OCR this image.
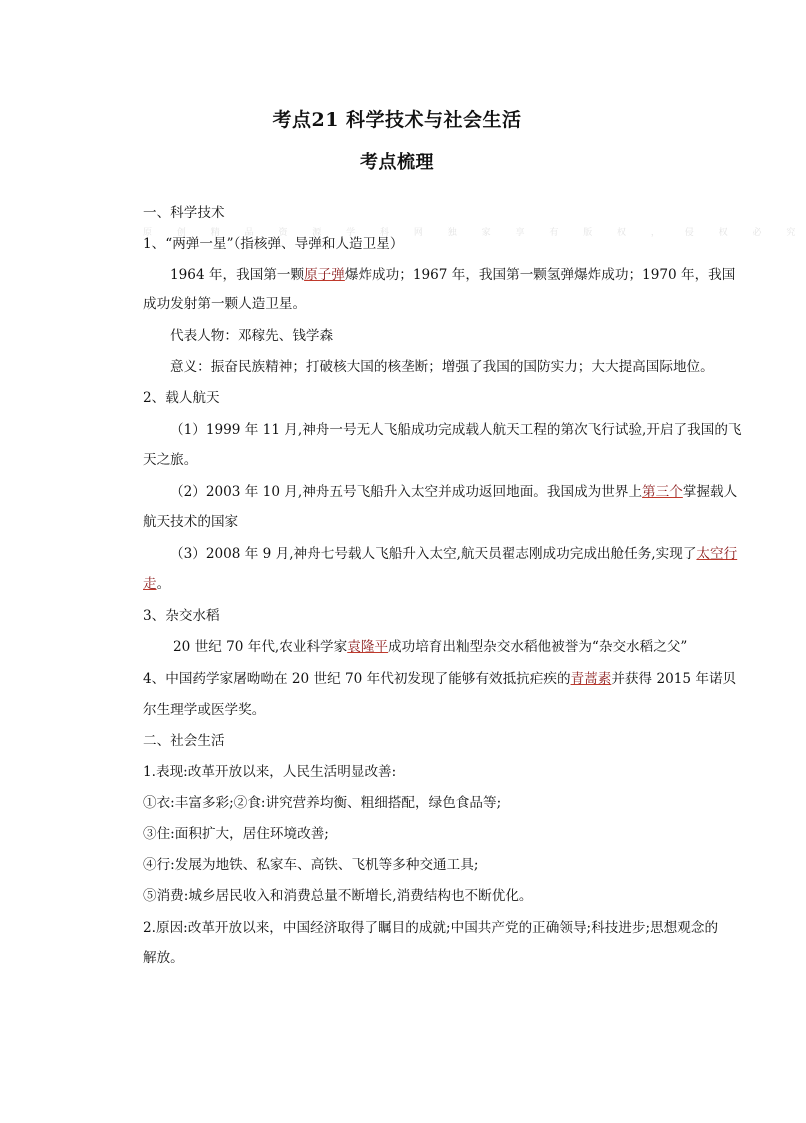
考点21 科学技术与社会生活
考点梳理
原 创 精 品 资 源 学 科 网 独 家 享 有 版 权 ， 侵 权 必 究
一、科学技术
1、“两弹一星”（指核弹、导弹和人造卫星）
1964 年，我国第一颗原子弹爆炸成功；1967 年，我国第一颗氢弹爆炸成功；1970 年，我国
成功发射第一颗人造卫星。
代表人物：邓稼先、钱学森
意义：振奋民族精神；打破核大国的核垄断；增强了我国的国防实力；大大提高国际地位。
2、载人航天
（1）1999 年 11 月,神舟一号无人飞船成功完成载人航天工程的第次飞行试验,开启了我国的飞
天之旅。
（2）2003 年 10 月,神舟五号飞船升入太空并成功返回地面。我国成为世界上第三个掌握载人
航天技术的国家
（3）2008 年 9 月,神舟七号载人飞船升入太空,航天员翟志刚成功完成出舱任务,实现了太空行
走。
3、杂交水稻
20 世纪 70 年代,农业科学家袁隆平成功培育出籼型杂交水稻他被誉为“杂交水稻之父”
4、中国药学家屠呦呦在 20 世纪 70 年代初发现了能够有效抵抗疟疾的青蒿素并获得 2015 年诺贝
尔生理学或医学奖。
二、社会生活
1.表现:改革开放以来，人民生活明显改善:
①衣:丰富多彩;②食:讲究营养均衡、粗细搭配，绿色食品等;
③住:面积扩大，居住环境改善;
④行:发展为地铁、私家车、高铁、飞机等多种交通工具;
⑤消费:城乡居民收入和消费总量不断增长,消费结构也不断优化。
2.原因:改革开放以来，中国经济取得了瞩目的成就;中国共产党的正确领导;科技进步;思想观念的
解放。
